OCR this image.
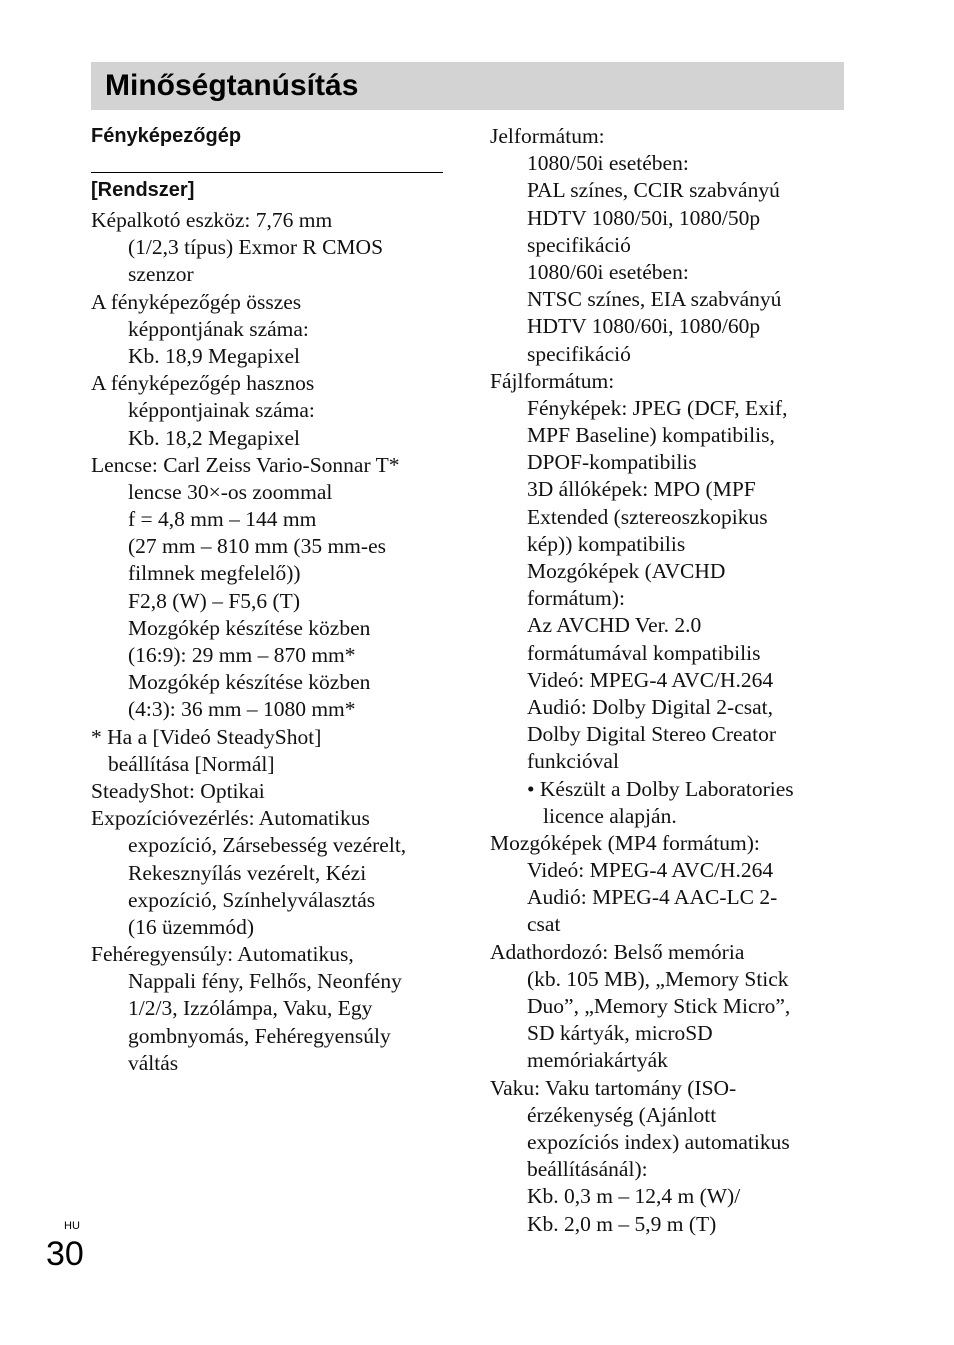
Minőségtanúsítás
Fényképezőgép
[Rendszer]
Képalkotó eszköz: 7,76 mm
(1/2,3 típus) Exmor R CMOS
szenzor
A fényképezőgép összes
képpontjának száma:
Kb. 18,9 Megapixel
A fényképezőgép hasznos
képpontjainak száma:
Kb. 18,2 Megapixel
Lencse: Carl Zeiss Vario-Sonnar T*
lencse 30×-os zoommal
f = 4,8 mm – 144 mm
(27 mm – 810 mm (35 mm-es
filmnek megfelelő))
F2,8 (W) – F5,6 (T)
Mozgókép készítése közben
(16:9): 29 mm – 870 mm*
Mozgókép készítése közben
(4:3): 36 mm – 1080 mm*
* Ha a [Videó SteadyShot]
beállítása [Normál]
SteadyShot: Optikai
Expozícióvezérlés: Automatikus
expozíció, Zársebesség vezérelt,
Rekesznyílás vezérelt, Kézi
expozíció, Színhelyválasztás
(16 üzemmód)
Fehéregyensúly: Automatikus,
Nappali fény, Felhős, Neonfény
1/2/3, Izzólámpa, Vaku, Egy
gombnyomás, Fehéregyensúly
váltás
Jelformátum:
1080/50i esetében:
PAL színes, CCIR szabványú
HDTV 1080/50i, 1080/50p
specifikáció
1080/60i esetében:
NTSC színes, EIA szabványú
HDTV 1080/60i, 1080/60p
specifikáció
Fájlformátum:
Fényképek: JPEG (DCF, Exif,
MPF Baseline) kompatibilis,
DPOF-kompatibilis
3D állóképek: MPO (MPF
Extended (sztereoszkopikus
kép)) kompatibilis
Mozgóképek (AVCHD
formátum):
Az AVCHD Ver. 2.0
formátumával kompatibilis
Videó: MPEG-4 AVC/H.264
Audió: Dolby Digital 2-csat,
Dolby Digital Stereo Creator
funkcióval
• Készült a Dolby Laboratories
licence alapján.
Mozgóképek (MP4 formátum):
Videó: MPEG-4 AVC/H.264
Audió: MPEG-4 AAC-LC 2-
csat
Adathordozó: Belső memória
(kb. 105 MB), „Memory Stick
Duo”, „Memory Stick Micro”,
SD kártyák, microSD
memóriakártyák
Vaku: Vaku tartomány (ISO-
érzékenység (Ajánlott
expozíciós index) automatikus
beállításánál):
Kb. 0,3 m – 12,4 m (W)/
Kb. 2,0 m – 5,9 m (T)
HU
30
